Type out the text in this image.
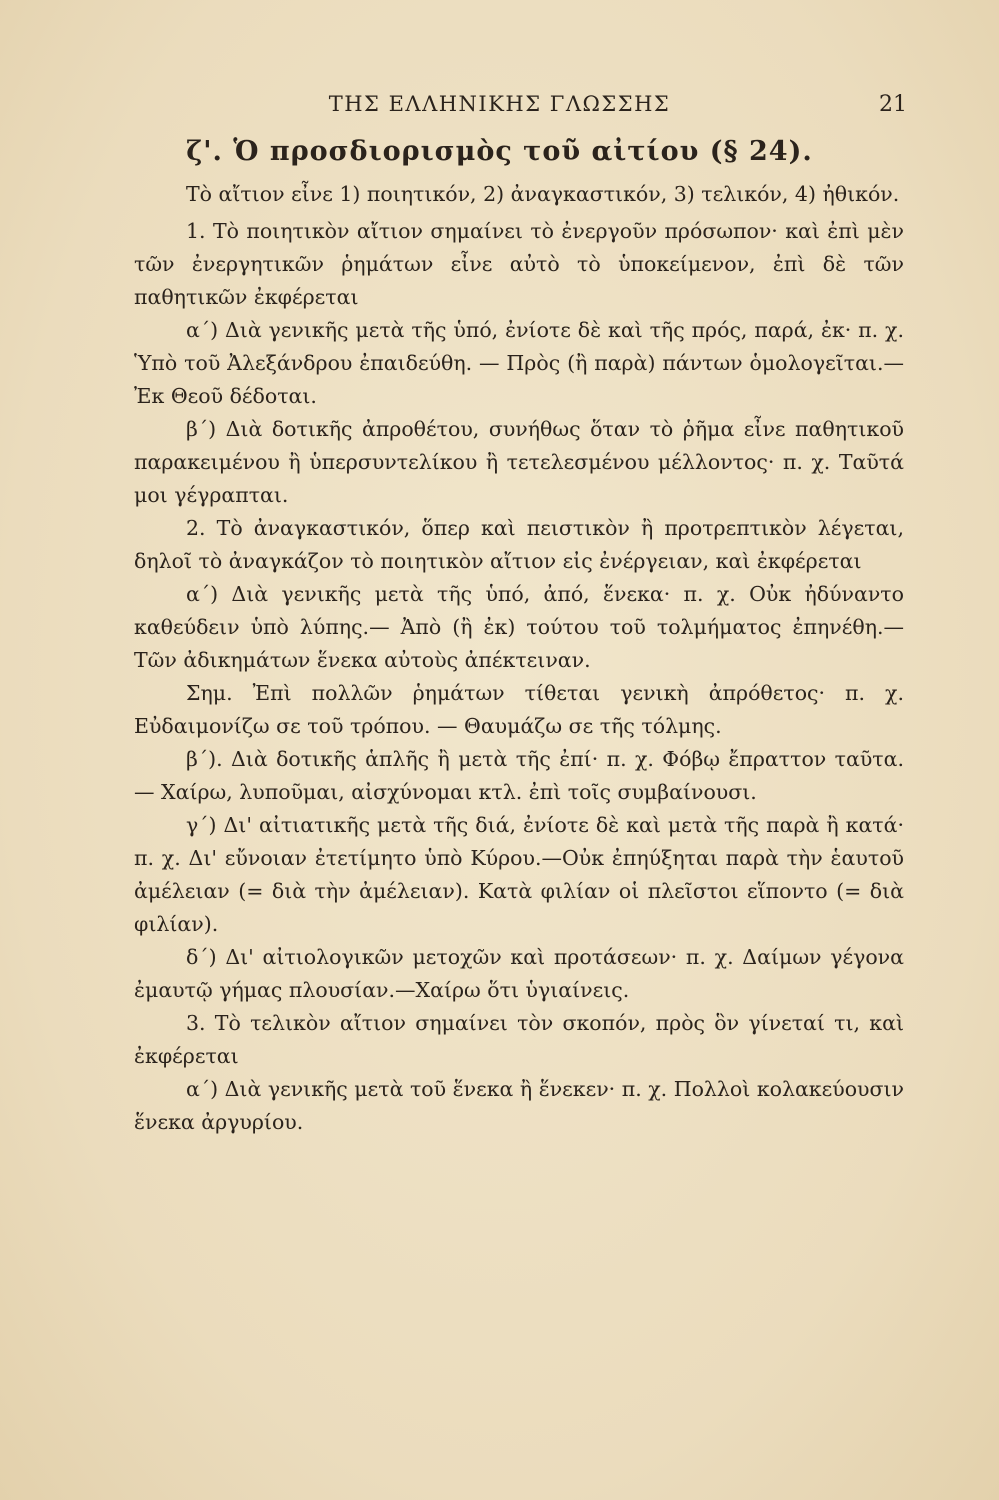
ΤΗΣ ΕΛΛΗΝΙΚΗΣ ΓΛΩΣΣΗΣ	21
ζ'. Ὁ προσδιορισμὸς τοῦ αἰτίου (§ 24).

Τὸ αἴτιον εἶνε 1) ποιητικόν, 2) ἀναγκαστικόν, 3) τελικόν, 4) ἠθικόν.

1. Τὸ ποιητικὸν αἴτιον σημαίνει τὸ ἐνεργοῦν πρόσωπον· καὶ ἐπὶ μὲν τῶν ἐνεργητικῶν ῥημάτων εἶνε αὐτὸ τὸ ὑποκείμενον, ἐπὶ δὲ τῶν παθητικῶν ἐκφέρεται

α΄) Διὰ γενικῆς μετὰ τῆς ὑπό, ἐνίοτε δὲ καὶ τῆς πρός, παρά, ἐκ· π. χ. Ὑπὸ τοῦ Ἀλεξάνδρου ἐπαιδεύθη. — Πρὸς (ἢ παρὰ) πάντων ὁμολογεῖται.—Ἐκ Θεοῦ δέδοται.

β΄) Διὰ δοτικῆς ἀπροθέτου, συνήθως ὅταν τὸ ῥῆμα εἶνε παθητικοῦ παρακειμένου ἢ ὑπερσυντελίκου ἢ τετελεσμένου μέλλοντος· π. χ. Ταῦτά μοι γέγραπται.

2. Τὸ ἀναγκαστικόν, ὅπερ καὶ πειστικὸν ἢ προτρεπτικὸν λέγεται, δηλοῖ τὸ ἀναγκάζον τὸ ποιητικὸν αἴτιον εἰς ἐνέργειαν, καὶ ἐκφέρεται

α΄) Διὰ γενικῆς μετὰ τῆς ὑπό, ἀπό, ἕνεκα· π. χ. Οὐκ ἠδύναντο καθεύδειν ὑπὸ λύπης.— Ἀπὸ (ἢ ἐκ) τούτου τοῦ τολμήματος ἐπηνέθη.—Τῶν ἀδικημάτων ἕνεκα αὐτοὺς ἀπέκτειναν.

Σημ. Ἐπὶ πολλῶν ῥημάτων τίθεται γενικὴ ἀπρόθετος· π. χ. Εὐδαιμονίζω σε τοῦ τρόπου. — Θαυμάζω σε τῆς τόλμης.

β΄). Διὰ δοτικῆς ἁπλῆς ἢ μετὰ τῆς ἐπί· π. χ. Φόβῳ ἔπραττον ταῦτα. — Χαίρω, λυποῦμαι, αἰσχύνομαι κτλ. ἐπὶ τοῖς συμβαίνουσι.

γ΄) Δι' αἰτιατικῆς μετὰ τῆς διά, ἐνίοτε δὲ καὶ μετὰ τῆς παρὰ ἢ κατά· π. χ. Δι' εὔνοιαν ἐτετίμητο ὑπὸ Κύρου.—Οὐκ ἐπηύξηται παρὰ τὴν ἑαυτοῦ ἀμέλειαν (= διὰ τὴν ἀμέλειαν). Κατὰ φιλίαν οἱ πλεῖστοι εἵποντο (= διὰ φιλίαν).

δ΄) Δι' αἰτιολογικῶν μετοχῶν καὶ προτάσεων· π. χ. Δαίμων γέγονα ἐμαυτῷ γήμας πλουσίαν.—Χαίρω ὅτι ὑγιαίνεις.

3. Τὸ τελικὸν αἴτιον σημαίνει τὸν σκοπόν, πρὸς ὃν γίνεταί τι, καὶ ἐκφέρεται

α΄) Διὰ γενικῆς μετὰ τοῦ ἕνεκα ἢ ἕνεκεν· π. χ. Πολλοὶ κολακεύουσιν ἕνεκα ἀργυρίου.
